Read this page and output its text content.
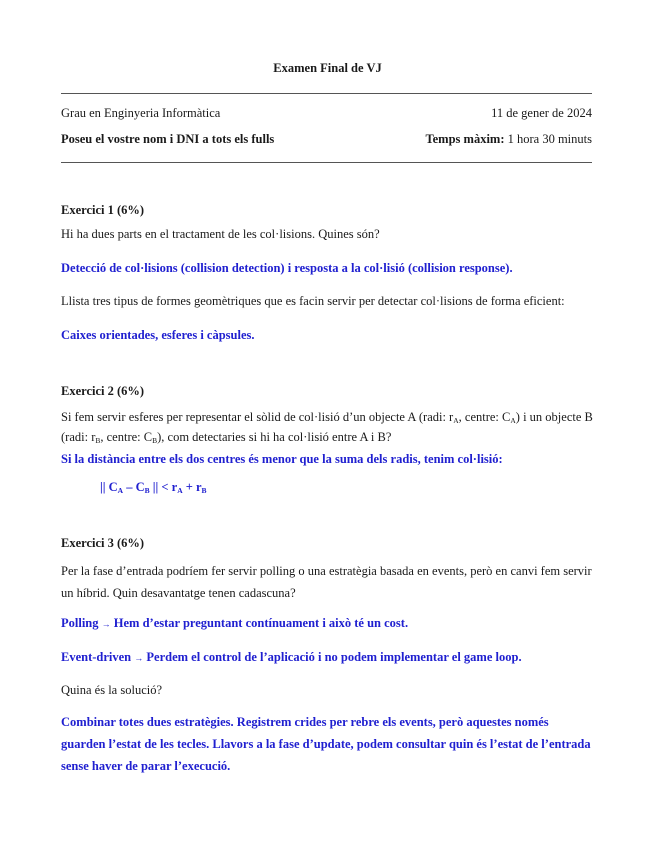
Examen Final de VJ
Grau en Enginyeria Informàtica	11 de gener de 2024
Poseu el vostre nom i DNI a tots els fulls	Temps màxim: 1 hora 30 minuts
Exercici 1 (6%)
Hi ha dues parts en el tractament de les col·lisions. Quines són?
Detecció de col·lisions (collision detection) i resposta a la col·lisió (collision response).
Llista tres tipus de formes geomètriques que es facin servir per detectar col·lisions de forma eficient:
Caixes orientades, esferes i càpsules.
Exercici 2 (6%)
Si fem servir esferes per representar el sòlid de col·lisió d’un objecte A (radi: $r_A$, centre: $C_A$) i un objecte B (radi: $r_B$, centre: $C_B$), com detectaries si hi ha col·lisió entre A i B?
Si la distància entre els dos centres és menor que la suma dels radis, tenim col·lisió:
|| $C_A - C_B$ || < $r_A + r_B$
Exercici 3 (6%)
Per la fase d’entrada podríem fer servir polling o una estratègia basada en events, però en canvi fem servir un híbrid. Quin desavantatge tenen cadascuna?
Polling → Hem d’estar preguntant contínuament i això té un cost.
Event-driven → Perdem el control de l’aplicació i no podem implementar el game loop.
Quina és la solució?
Combinar totes dues estratègies. Registrem crides per rebre els events, però aquestes només guarden l’estat de les tecles. Llavors a la fase d’update, podem consultar quin és l’estat de l’entrada sense haver de parar l’execució.
